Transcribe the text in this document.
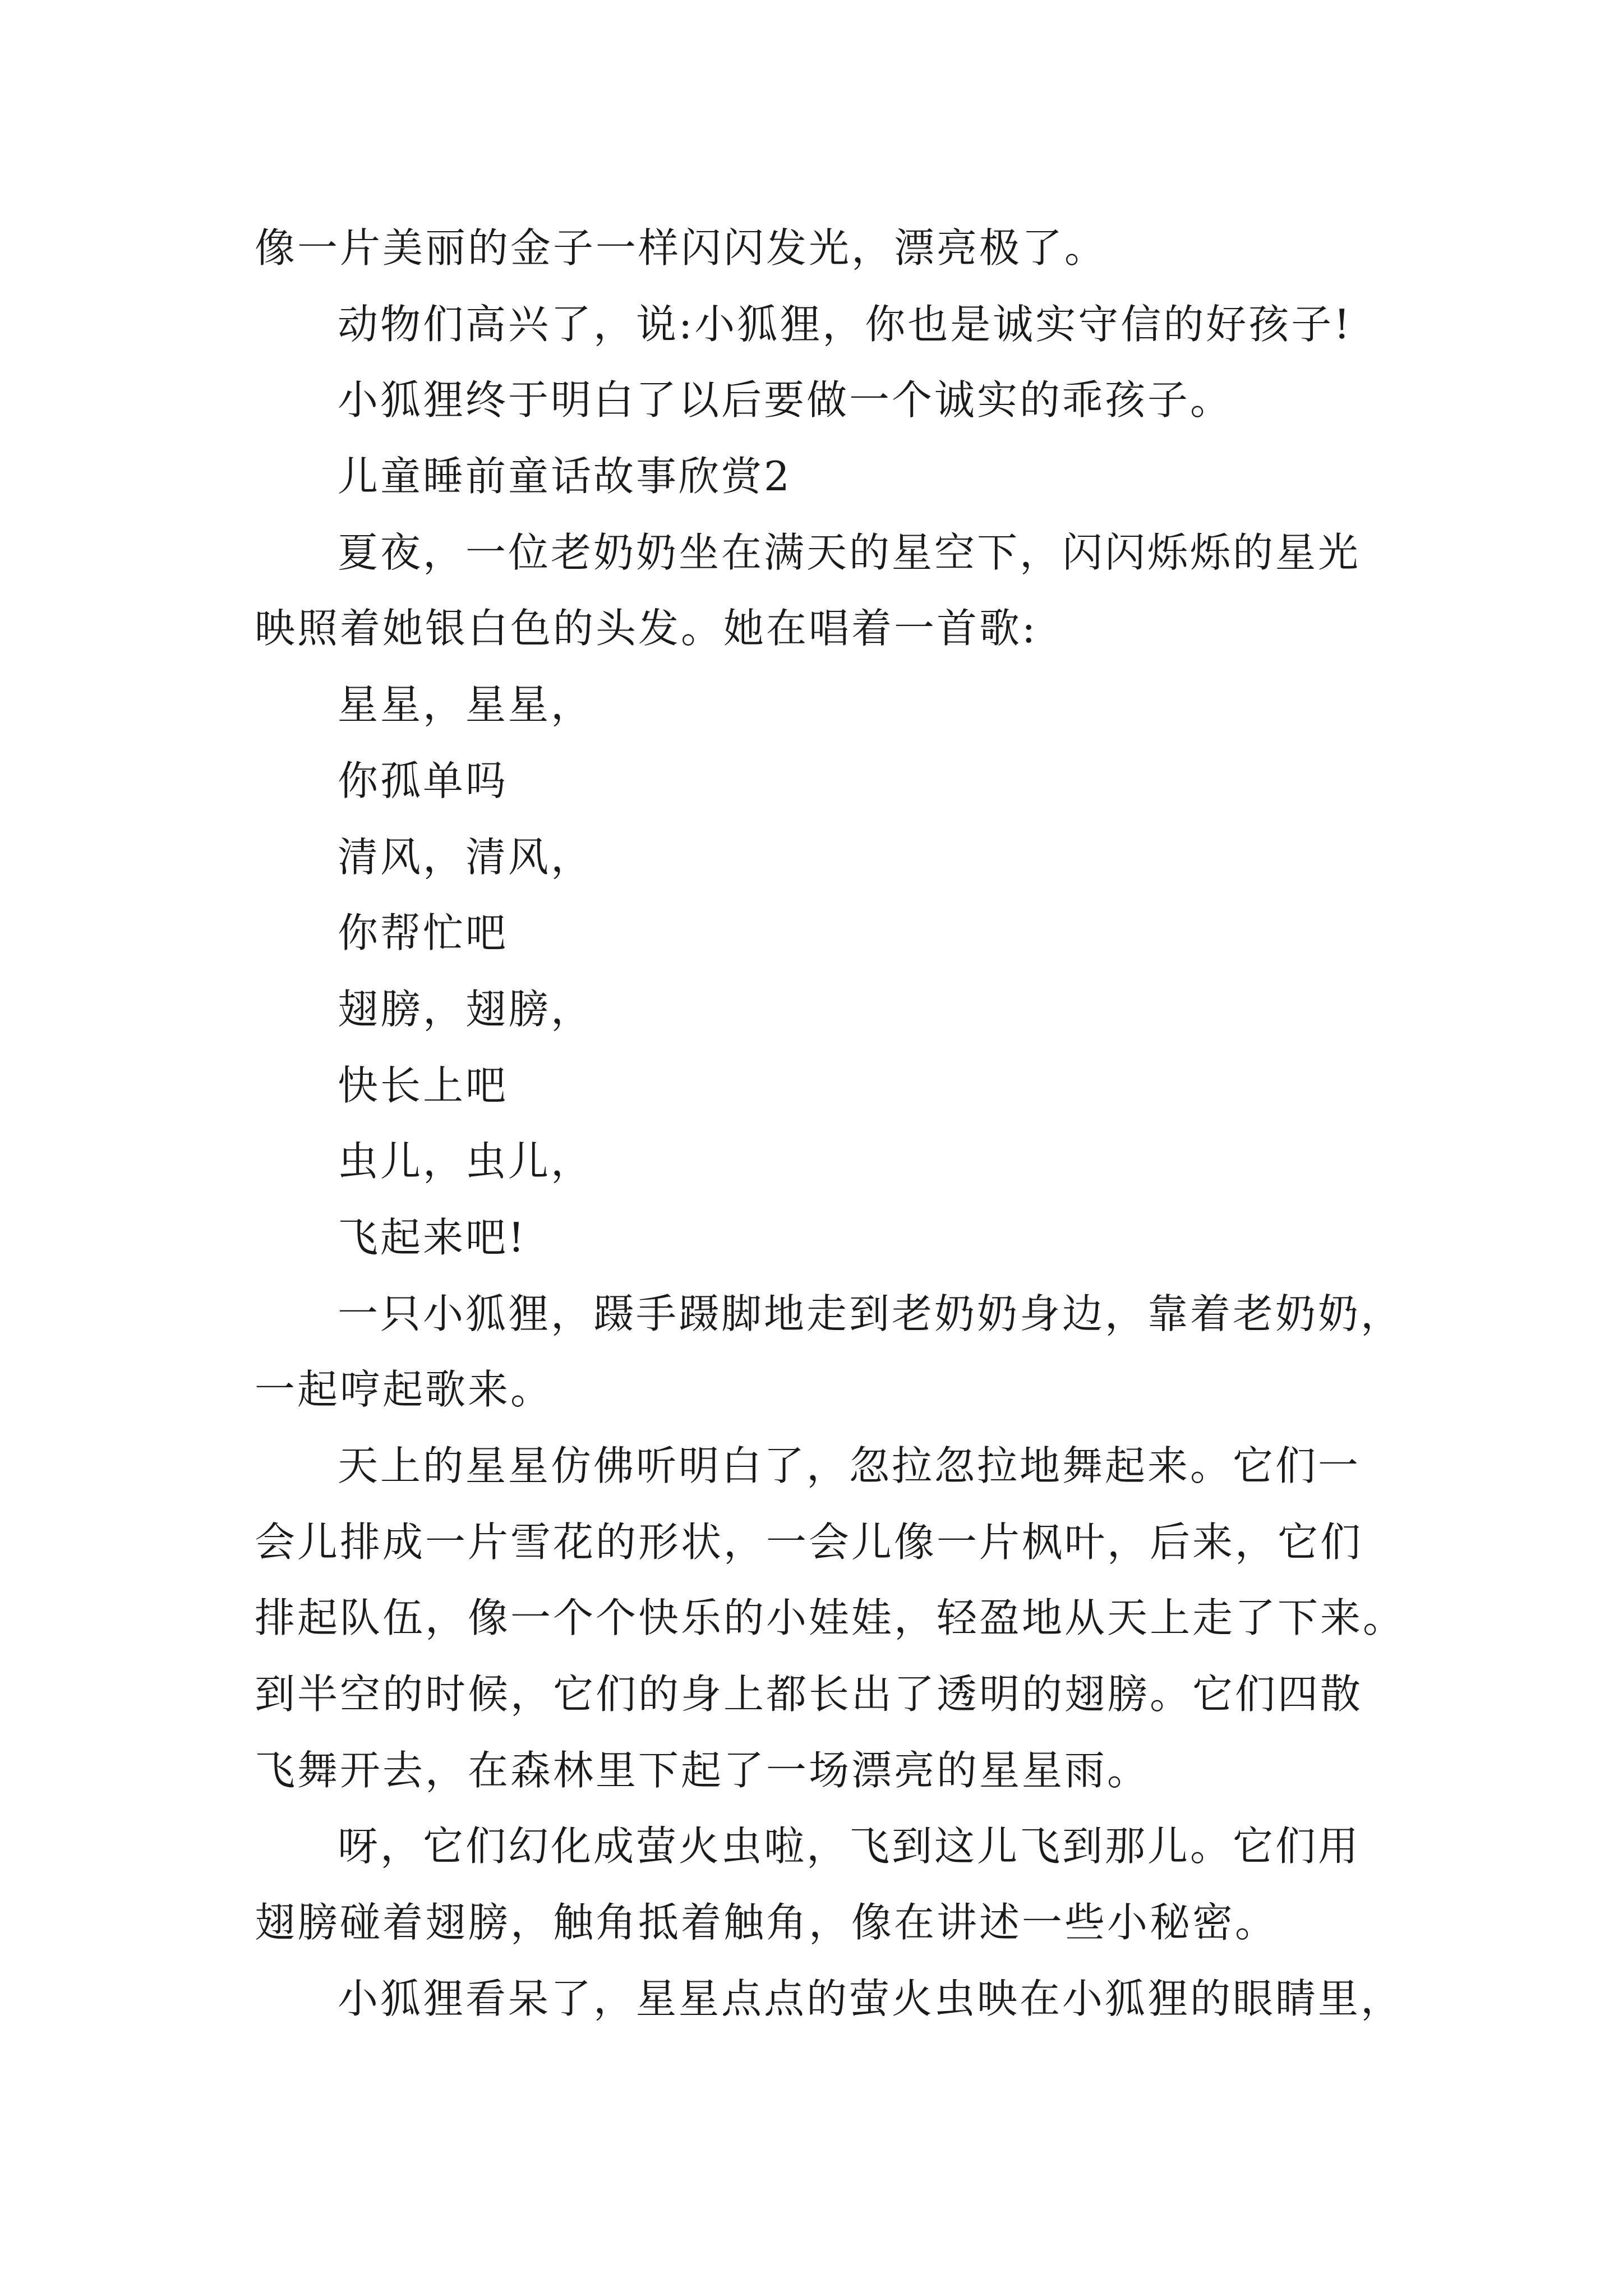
像一片美丽的金子一样闪闪发光，漂亮极了。
动物们高兴了，说:小狐狸，你也是诚实守信的好孩子!
小狐狸终于明白了以后要做一个诚实的乖孩子。
儿童睡前童话故事欣赏2
夏夜，一位老奶奶坐在满天的星空下，闪闪烁烁的星光
映照着她银白色的头发。她在唱着一首歌:
星星，星星，
你孤单吗
清风，清风，
你帮忙吧
翅膀，翅膀，
快长上吧
虫儿，虫儿，
飞起来吧!
一只小狐狸，蹑手蹑脚地走到老奶奶身边，靠着老奶奶，
一起哼起歌来。
天上的星星仿佛听明白了，忽拉忽拉地舞起来。它们一
会儿排成一片雪花的形状，一会儿像一片枫叶，后来，它们
排起队伍，像一个个快乐的小娃娃，轻盈地从天上走了下来。
到半空的时候，它们的身上都长出了透明的翅膀。它们四散
飞舞开去，在森林里下起了一场漂亮的星星雨。
呀，它们幻化成萤火虫啦，飞到这儿飞到那儿。它们用
翅膀碰着翅膀，触角抵着触角，像在讲述一些小秘密。
小狐狸看呆了，星星点点的萤火虫映在小狐狸的眼睛里，
